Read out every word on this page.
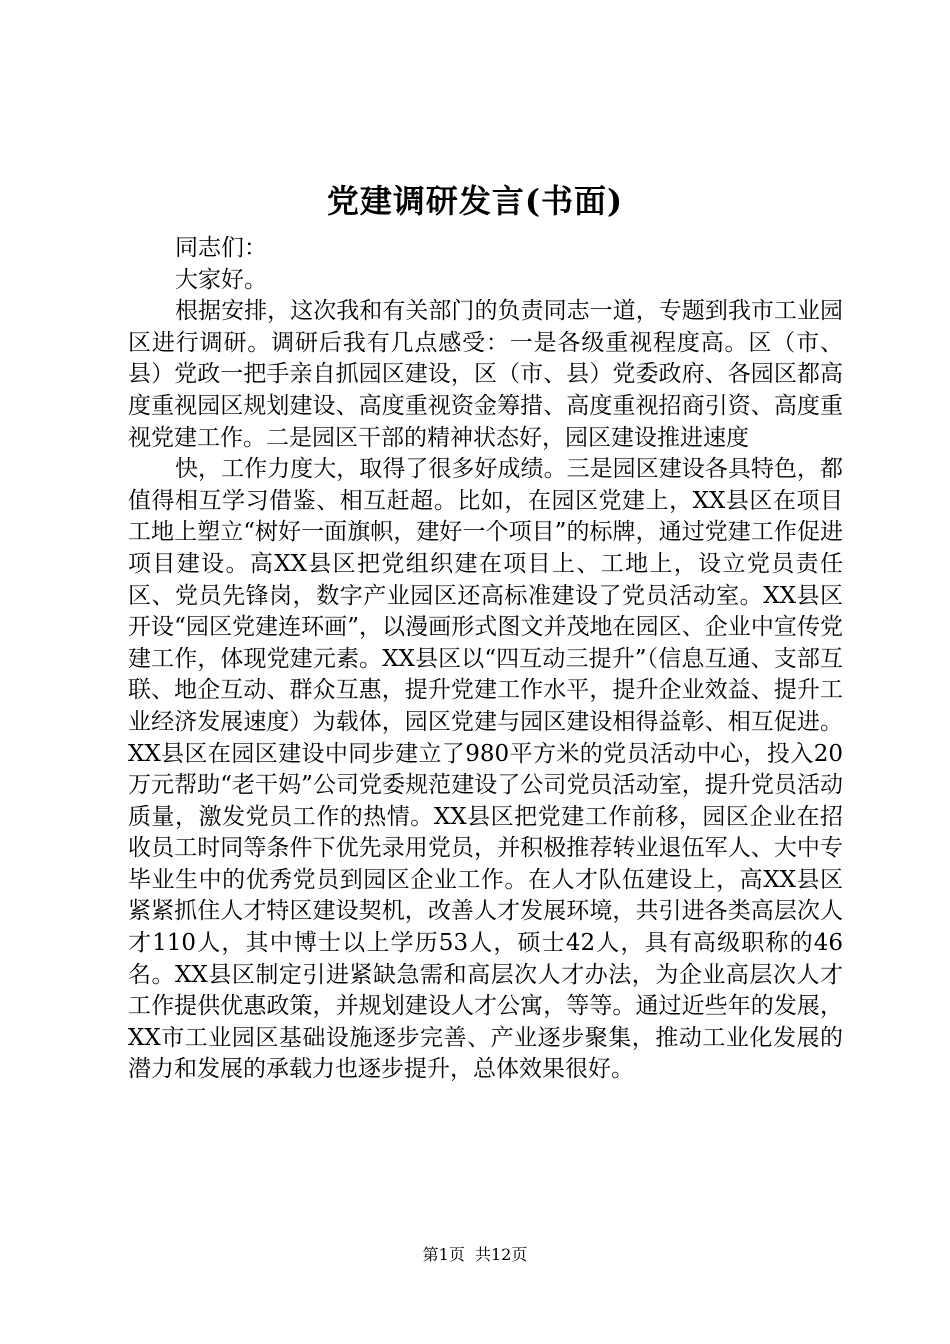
党建调研发言(书面)

同志们：

大家好。

根据安排，这次我和有关部门的负责同志一道，专题到我市工业园区进行调研。调研后我有几点感受：一是各级重视程度高。区（市、县）党政一把手亲自抓园区建设，区（市、县）党委政府、各园区都高度重视园区规划建设、高度重视资金筹措、高度重视招商引资、高度重视党建工作。二是园区干部的精神状态好，园区建设推进速度

快，工作力度大，取得了很多好成绩。三是园区建设各具特色，都值得相互学习借鉴、相互赶超。比如，在园区党建上，XX县区在项目工地上塑立“树好一面旗帜，建好一个项目”的标牌，通过党建工作促进项目建设。高XX县区把党组织建在项目上、工地上，设立党员责任区、党员先锋岗，数字产业园区还高标准建设了党员活动室。XX县区开设“园区党建连环画”，以漫画形式图文并茂地在园区、企业中宣传党建工作，体现党建元素。XX县区以“四互动三提升”（信息互通、支部互联、地企互动、群众互惠，提升党建工作水平，提升企业效益、提升工业经济发展速度）为载体，园区党建与园区建设相得益彰、相互促进。XX县区在园区建设中同步建立了980平方米的党员活动中心，投入20万元帮助“老干妈”公司党委规范建设了公司党员活动室，提升党员活动质量，激发党员工作的热情。XX县区把党建工作前移，园区企业在招收员工时同等条件下优先录用党员，并积极推荐转业退伍军人、大中专毕业生中的优秀党员到园区企业工作。在人才队伍建设上，高XX县区紧紧抓住人才特区建设契机，改善人才发展环境，共引进各类高层次人才110人，其中博士以上学历53人，硕士42人，具有高级职称的46名。XX县区制定引进紧缺急需和高层次人才办法，为企业高层次人才工作提供优惠政策，并规划建设人才公寓，等等。通过近些年的发展，XX市工业园区基础设施逐步完善、产业逐步聚集，推动工业化发展的潜力和发展的承载力也逐步提升，总体效果很好。

第1页  共12页
